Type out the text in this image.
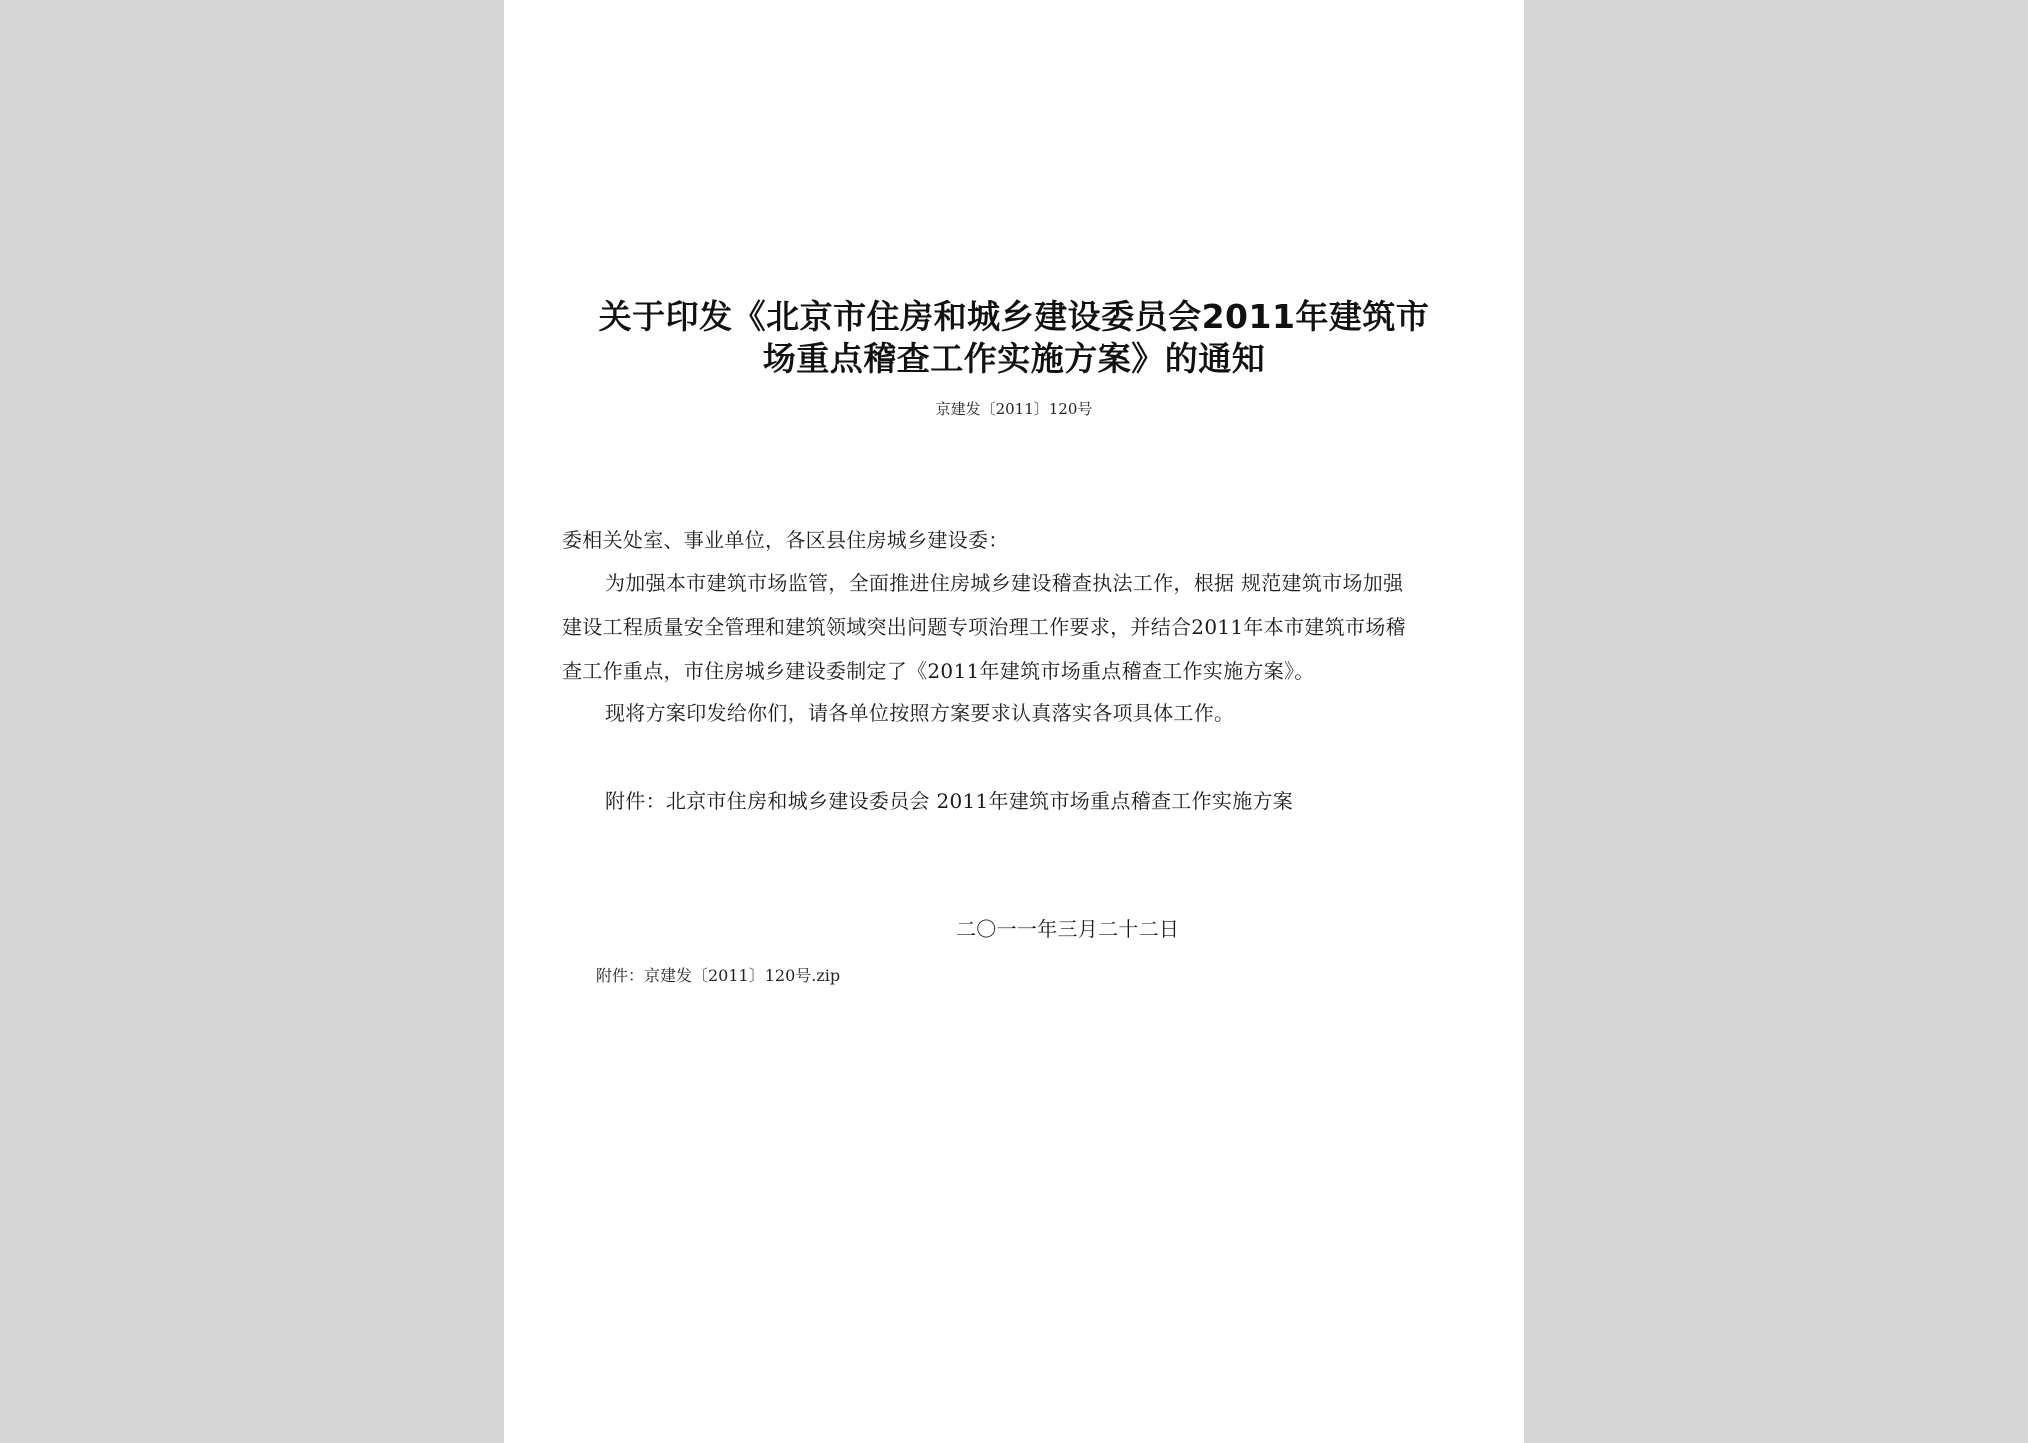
关于印发《北京市住房和城乡建设委员会2011年建筑市
场重点稽查工作实施方案》的通知
京建发〔2011〕120号
委相关处室、事业单位，各区县住房城乡建设委：
为加强本市建筑市场监管，全面推进住房城乡建设稽查执法工作，根据 规范建筑市场加强
建设工程质量安全管理和建筑领域突出问题专项治理工作要求，并结合2011年本市建筑市场稽
查工作重点，市住房城乡建设委制定了《2011年建筑市场重点稽查工作实施方案》。
现将方案印发给你们，请各单位按照方案要求认真落实各项具体工作。
附件：北京市住房和城乡建设委员会 2011年建筑市场重点稽查工作实施方案
二〇一一年三月二十二日
附件：京建发〔2011〕120号.zip
